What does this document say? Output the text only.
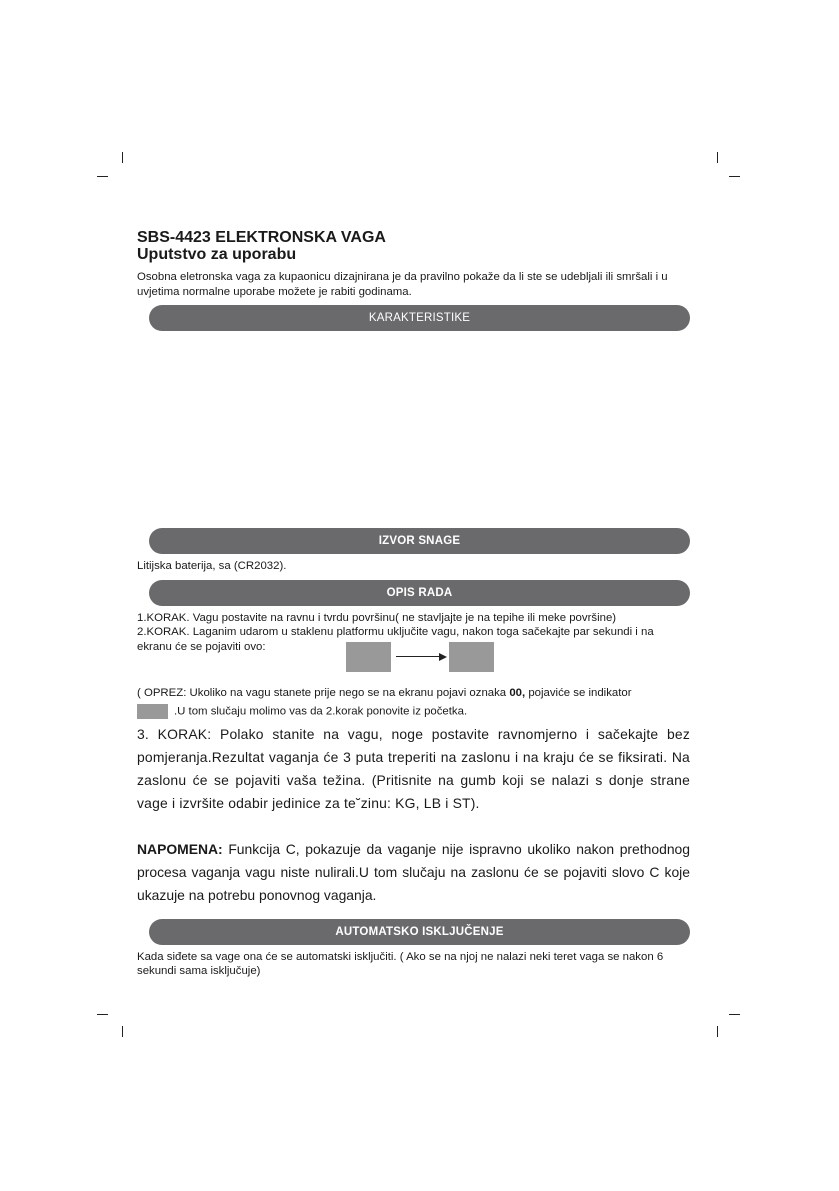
SBS-4423 ELEKTRONSKA VAGA

Uputstvo za uporabu

Osobna eletronska vaga za kupaonicu dizajnirana je da pravilno pokaže da li ste se udebljali ili smršali i u uvjetima normalne uporabe možete je rabiti godinama.

KARAKTERISTIKE
IZVOR SNAGE

Litijska baterija, sa (CR2032).

OPIS RADA

1.KORAK. Vagu postavite na ravnu i tvrdu površinu( ne stavljajte je na tepihe ili meke površine)

2.KORAK. Laganim udarom u staklenu platformu uključite vagu, nakon toga sačekajte par sekundi i na ekranu će se pojaviti ovo:

( OPREZ: Ukoliko na vagu stanete prije nego se na ekranu pojavi oznaka 00, pojaviće se indikator

.U tom slučaju molimo vas da 2.korak ponovite iz početka.

3. KORAK: Polako stanite na vagu, noge postavite ravnomjerno i sačekajte bez pomjeranja.Rezultat vaganja će 3 puta treperiti na zaslonu i na kraju će se fiksirati. Na zaslonu će se pojaviti vaša težina. (Pritisnite na gumb koji se nalazi s donje strane vage i izvršite odabir jedinice za te˘zinu: KG, LB i ST).

NAPOMENA: Funkcija C, pokazuje da vaganje nije ispravno ukoliko nakon prethodnog procesa vaganja vagu niste nulirali.U tom slučaju na zaslonu će se pojaviti slovo C koje ukazuje na potrebu ponovnog vaganja.

AUTOMATSKO ISKLJUČENJE

Kada siđete sa vage ona će se automatski isključiti. ( Ako se na njoj ne nalazi neki teret vaga se nakon 6 sekundi sama isključuje)
